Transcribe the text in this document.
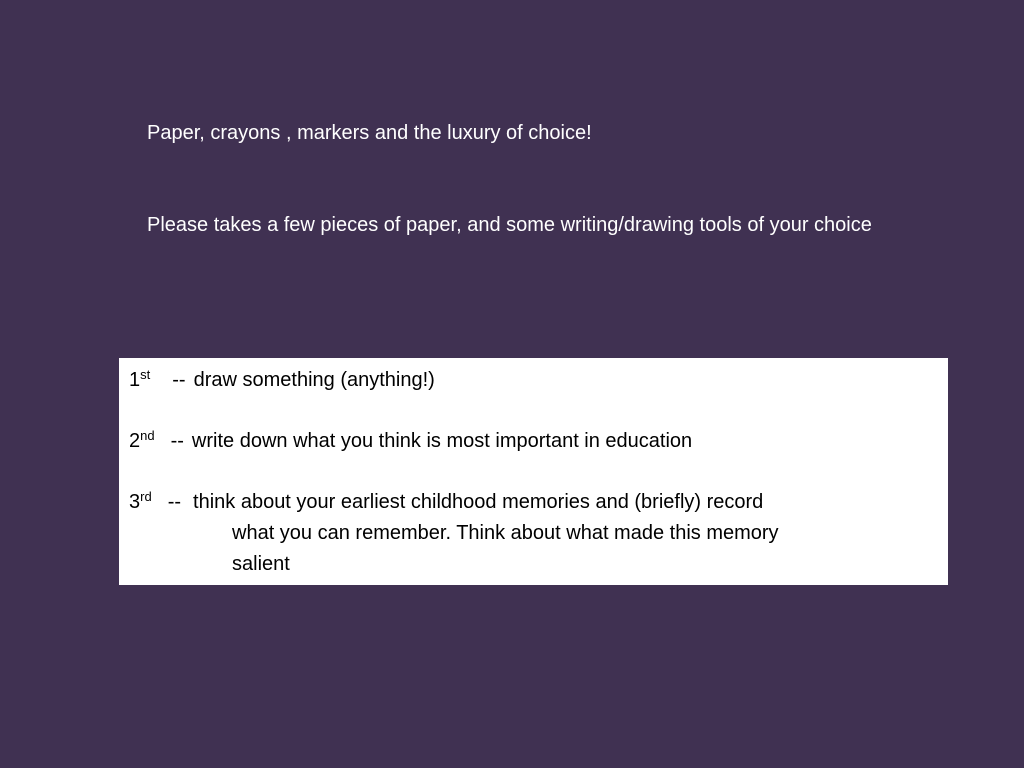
Paper, crayons , markers and the luxury of choice!

Please takes a few pieces of paper, and some writing/drawing tools of your choice

1st -- draw something (anything!)

2nd -- write down what you think is most important in education

3rd -- think about your earliest childhood memories and (briefly) record
what you can remember. Think about what made this memory
salient
